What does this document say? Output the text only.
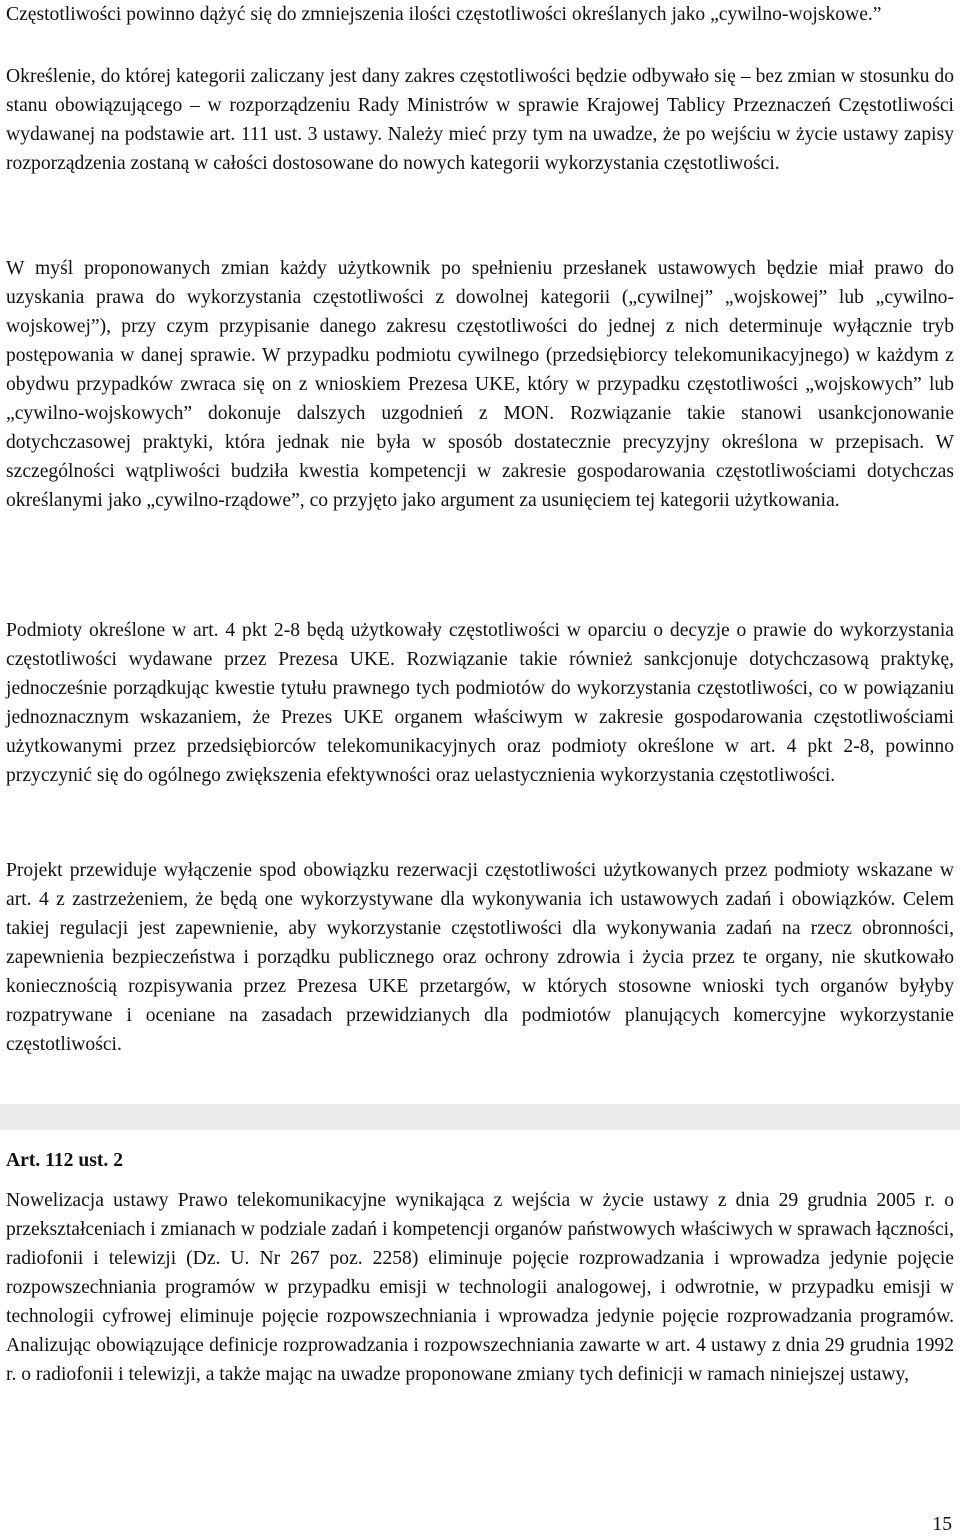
Częstotliwości powinno dążyć się do zmniejszenia ilości częstotliwości określanych jako „cywilno-wojskowe.”

Określenie, do której kategorii zaliczany jest dany zakres częstotliwości będzie odbywało się – bez zmian w stosunku do stanu obowiązującego – w rozporządzeniu Rady Ministrów w sprawie Krajowej Tablicy Przeznaczeń Częstotliwości wydawanej na podstawie art. 111 ust. 3 ustawy. Należy mieć przy tym na uwadze, że po wejściu w życie ustawy zapisy rozporządzenia zostaną w całości dostosowane do nowych kategorii wykorzystania częstotliwości.

W myśl proponowanych zmian każdy użytkownik po spełnieniu przesłanek ustawowych będzie miał prawo do uzyskania prawa do wykorzystania częstotliwości z dowolnej kategorii („cywilnej” „wojskowej” lub „cywilno-wojskowej”), przy czym przypisanie danego zakresu częstotliwości do jednej z nich determinuje wyłącznie tryb postępowania w danej sprawie. W przypadku podmiotu cywilnego (przedsiębiorcy telekomunikacyjnego) w każdym z obydwu przypadków zwraca się on z wnioskiem Prezesa UKE, który w przypadku częstotliwości „wojskowych” lub „cywilno-wojskowych” dokonuje dalszych uzgodnień z MON. Rozwiązanie takie stanowi usankcjonowanie dotychczasowej praktyki, która jednak nie była w sposób dostatecznie precyzyjny określona w przepisach. W szczególności wątpliwości budziła kwestia kompetencji w zakresie gospodarowania częstotliwościami dotychczas określanymi jako „cywilno-rządowe”, co przyjęto jako argument za usunięciem tej kategorii użytkowania.

Podmioty określone w art. 4 pkt 2-8 będą użytkowały częstotliwości w oparciu o decyzje o prawie do wykorzystania częstotliwości wydawane przez Prezesa UKE. Rozwiązanie takie również sankcjonuje dotychczasową praktykę, jednocześnie porządkując kwestie tytułu prawnego tych podmiotów do wykorzystania częstotliwości, co w powiązaniu jednoznacznym wskazaniem, że Prezes UKE organem właściwym w zakresie gospodarowania częstotliwościami użytkowanymi przez przedsiębiorców telekomunikacyjnych oraz podmioty określone w art. 4 pkt 2-8, powinno przyczynić się do ogólnego zwiększenia efektywności oraz uelastycznienia wykorzystania częstotliwości.

Projekt przewiduje wyłączenie spod obowiązku rezerwacji częstotliwości użytkowanych przez podmioty wskazane w art. 4 z zastrzeżeniem, że będą one wykorzystywane dla wykonywania ich ustawowych zadań i obowiązków. Celem takiej regulacji jest zapewnienie, aby wykorzystanie częstotliwości dla wykonywania zadań na rzecz obronności, zapewnienia bezpieczeństwa i porządku publicznego oraz ochrony zdrowia i życia przez te organy, nie skutkowało koniecznością rozpisywania przez Prezesa UKE przetargów, w których stosowne wnioski tych organów byłyby rozpatrywane i oceniane na zasadach przewidzianych dla podmiotów planujących komercyjne wykorzystanie częstotliwości.

Art. 112 ust. 2

Nowelizacja ustawy Prawo telekomunikacyjne wynikająca z wejścia w życie ustawy z dnia 29 grudnia 2005 r. o przekształceniach i zmianach w podziale zadań i kompetencji organów państwowych właściwych w sprawach łączności, radiofonii i telewizji (Dz. U. Nr 267 poz. 2258) eliminuje pojęcie rozprowadzania i wprowadza jedynie pojęcie rozpowszechniania programów w przypadku emisji w technologii analogowej, i odwrotnie, w przypadku emisji w technologii cyfrowej eliminuje pojęcie rozpowszechniania i wprowadza jedynie pojęcie rozprowadzania programów. Analizując obowiązujące definicje rozprowadzania i rozpowszechniania zawarte w art. 4 ustawy z dnia 29 grudnia 1992 r. o radiofonii i telewizji, a także mając na uwadze proponowane zmiany tych definicji w ramach niniejszej ustawy,

15
